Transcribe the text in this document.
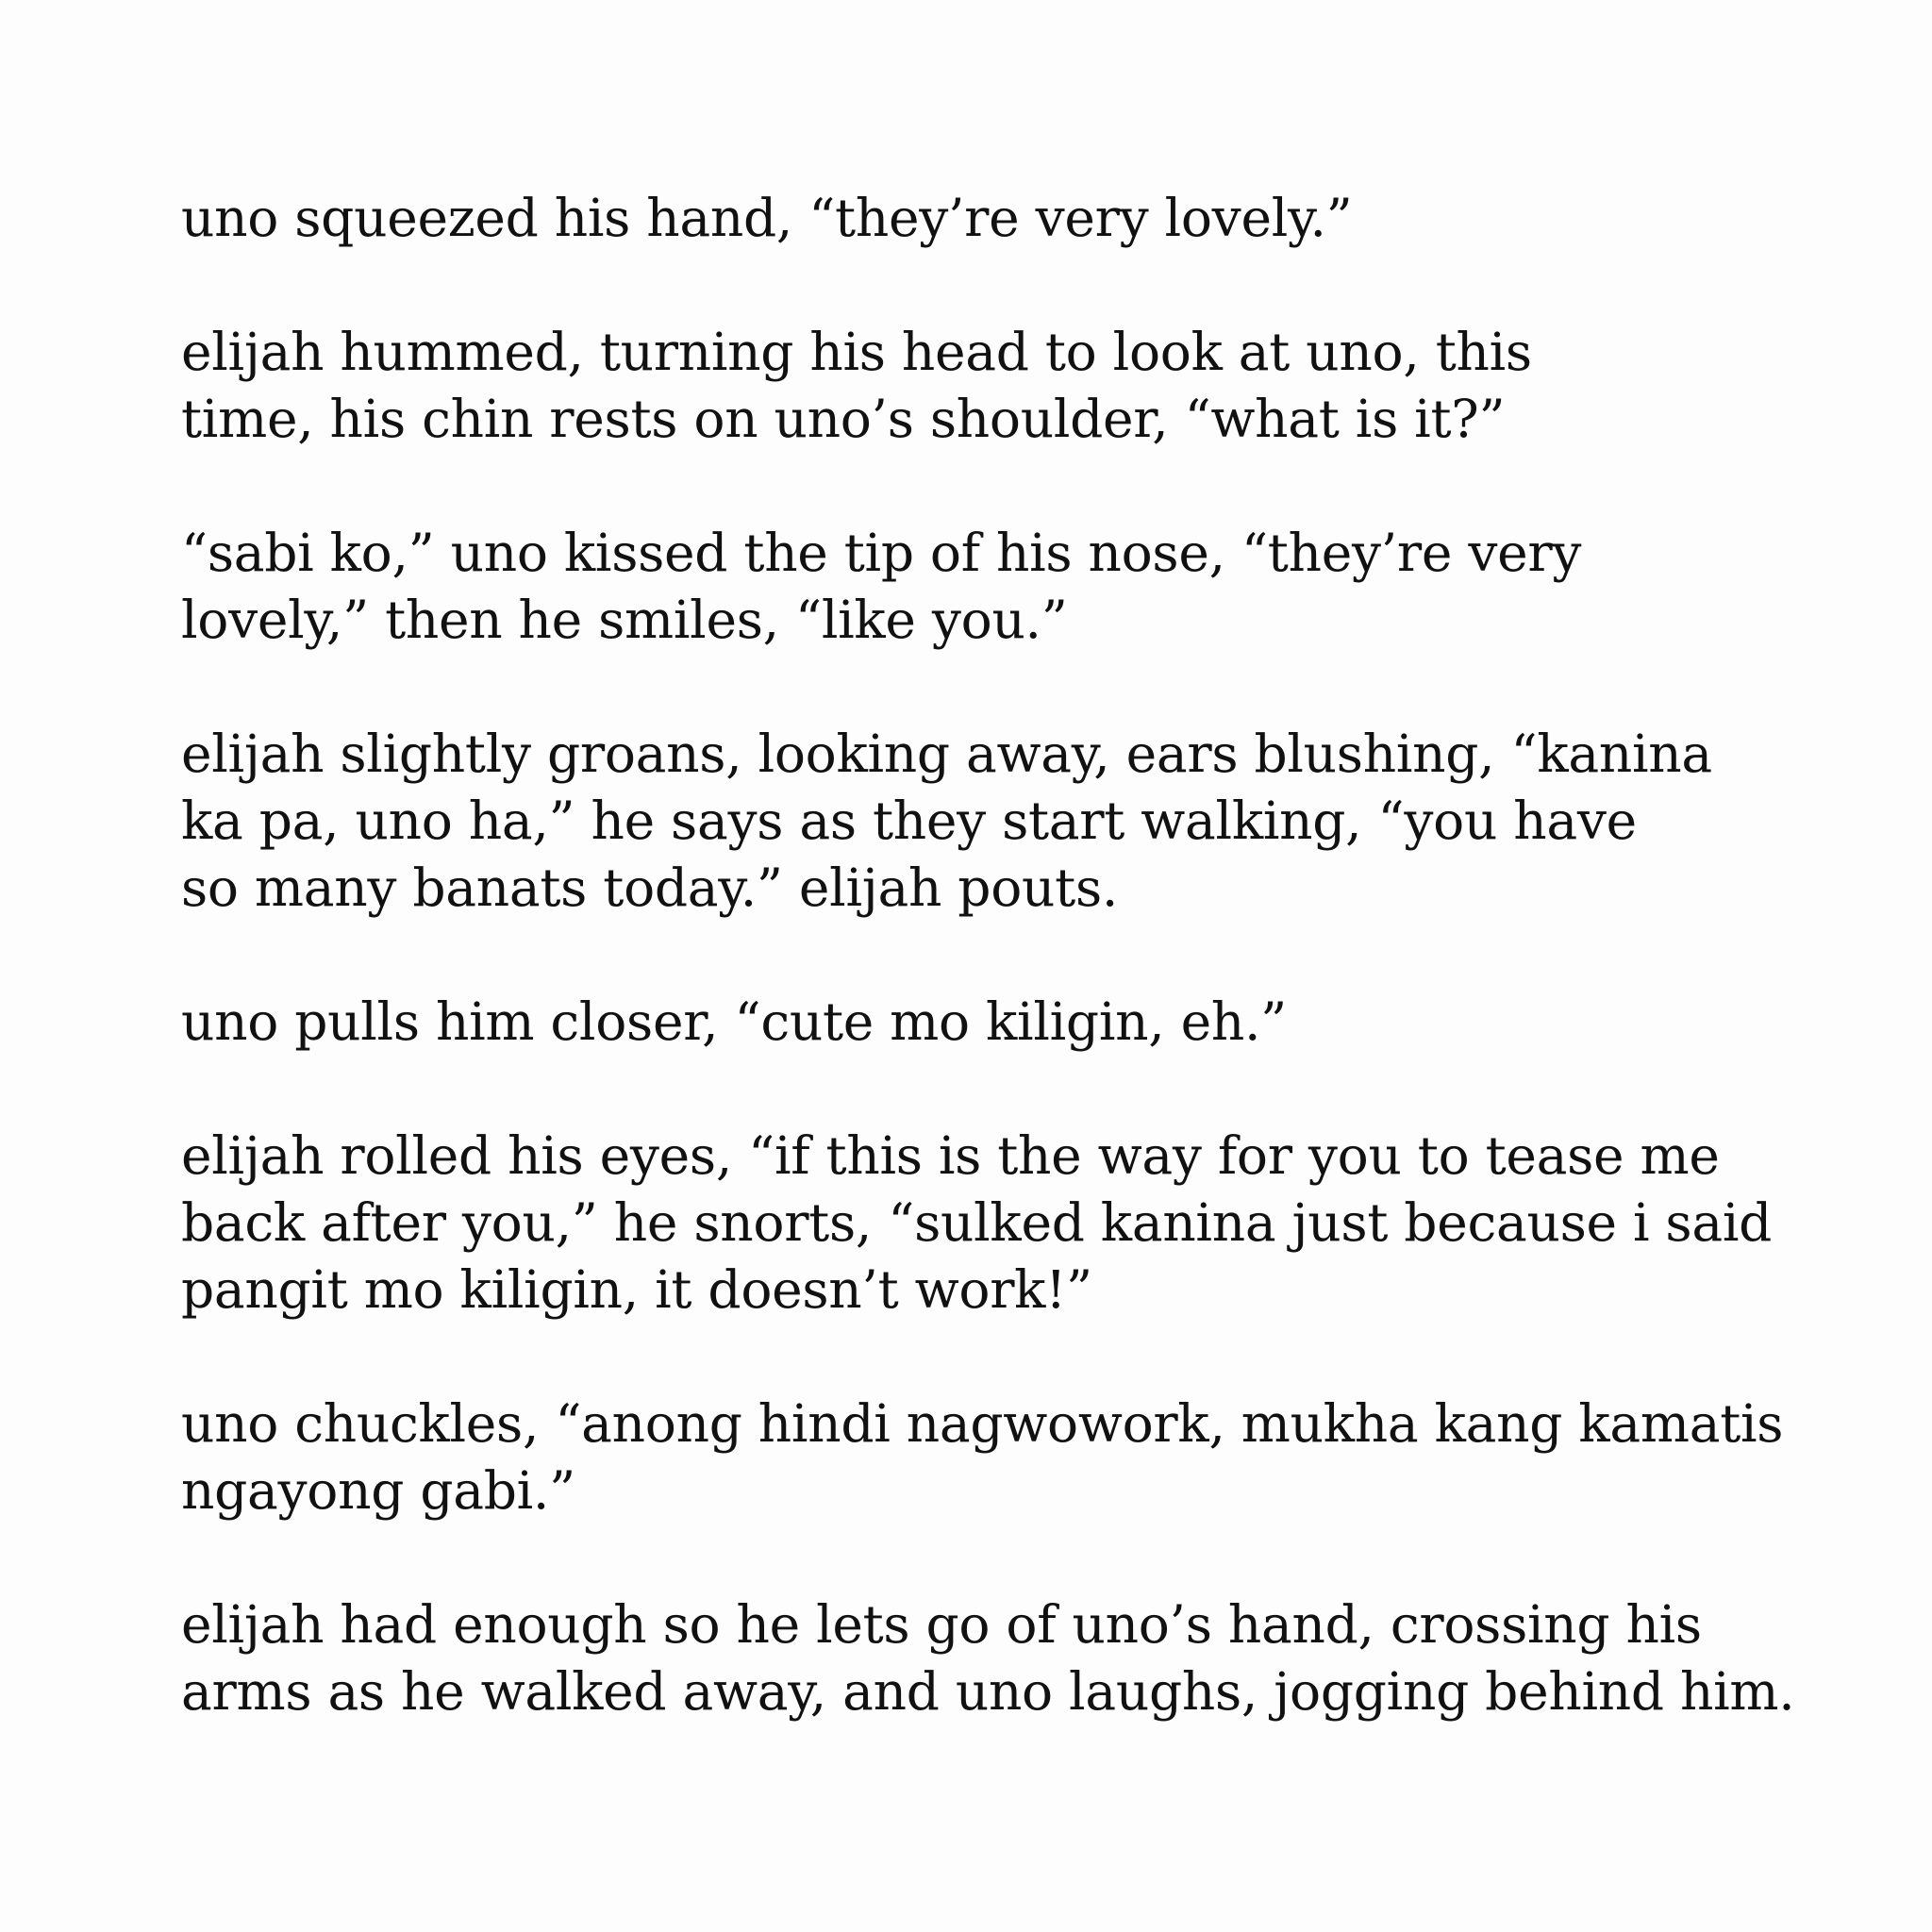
uno squeezed his hand, “they’re very lovely.”

elijah hummed, turning his head to look at uno, this
time, his chin rests on uno’s shoulder, “what is it?”

“sabi ko,” uno kissed the tip of his nose, “they’re very
lovely,” then he smiles, “like you.”

elijah slightly groans, looking away, ears blushing, “kanina
ka pa, uno ha,” he says as they start walking, “you have
so many banats today.” elijah pouts.

uno pulls him closer, “cute mo kiligin, eh.”

elijah rolled his eyes, “if this is the way for you to tease me
back after you,” he snorts, “sulked kanina just because i said
pangit mo kiligin, it doesn’t work!”

uno chuckles, “anong hindi nagwowork, mukha kang kamatis
ngayong gabi.”

elijah had enough so he lets go of uno’s hand, crossing his
arms as he walked away, and uno laughs, jogging behind him.
